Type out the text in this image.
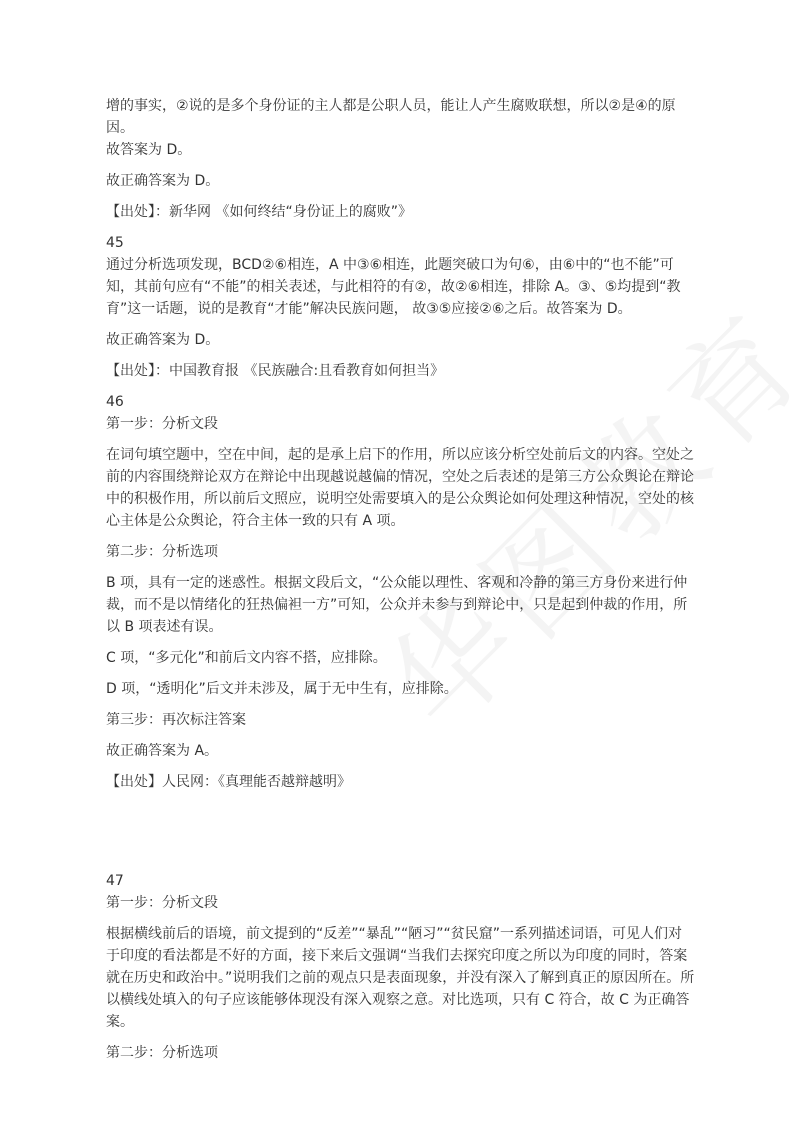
增的事实，②说的是多个身份证的主人都是公职人员，能让人产生腐败联想，所以②是④的原因。

故答案为 D。

故正确答案为 D。

【出处】：新华网 《如何终结“身份证上的腐败”》

45

通过分析选项发现，BCD②⑥相连，A 中③⑥相连，此题突破口为句⑥，由⑥中的“也不能”可知，其前句应有“不能”的相关表述，与此相符的有②，故②⑥相连，排除 A。③、⑤均提到“教育”这一话题，说的是教育“才能”解决民族问题， 故③⑤应接②⑥之后。故答案为 D。

故正确答案为 D。

【出处】：中国教育报 《民族融合:且看教育如何担当》

46

第一步：分析文段

在词句填空题中，空在中间，起的是承上启下的作用，所以应该分析空处前后文的内容。空处之前的内容围绕辩论双方在辩论中出现越说越偏的情况，空处之后表述的是第三方公众舆论在辩论中的积极作用，所以前后文照应，说明空处需要填入的是公众舆论如何处理这种情况，空处的核心主体是公众舆论，符合主体一致的只有 A 项。

第二步：分析选项

B 项，具有一定的迷惑性。根据文段后文，“公众能以理性、客观和冷静的第三方身份来进行仲裁，而不是以情绪化的狂热偏袒一方”可知，公众并未参与到辩论中，只是起到仲裁的作用，所以 B 项表述有误。

C 项，“多元化”和前后文内容不搭，应排除。

D 项，“透明化”后文并未涉及，属于无中生有，应排除。

第三步：再次标注答案

故正确答案为 A。

【出处】人民网：《真理能否越辩越明》

47

第一步：分析文段

根据横线前后的语境，前文提到的“反差”“暴乱”“陋习”“贫民窟”一系列描述词语，可见人们对于印度的看法都是不好的方面，接下来后文强调“当我们去探究印度之所以为印度的同时，答案就在历史和政治中。”说明我们之前的观点只是表面现象，并没有深入了解到真正的原因所在。所以横线处填入的句子应该能够体现没有深入观察之意。对比选项，只有 C 符合，故 C 为正确答案。

第二步：分析选项
